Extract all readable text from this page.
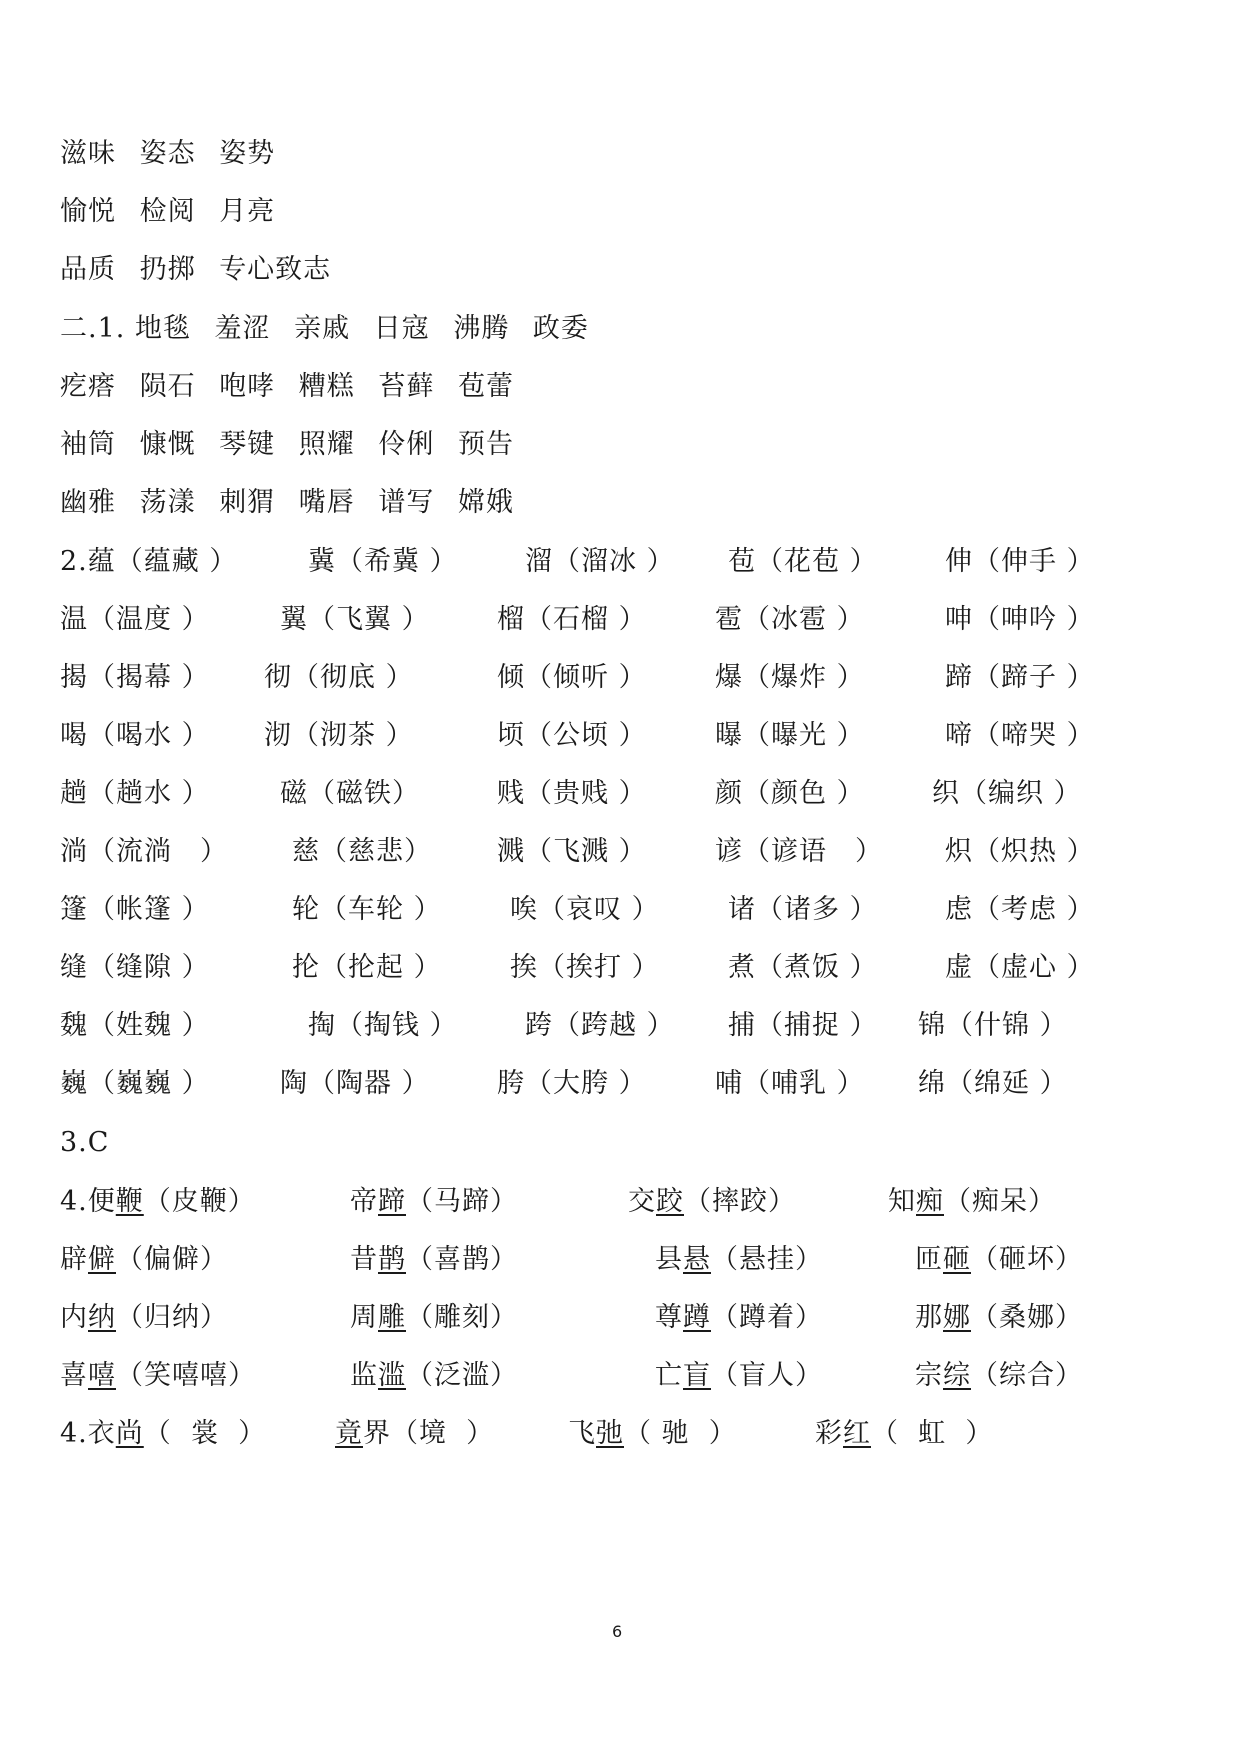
滋味 姿态 姿势
愉悦 检阅 月亮
品质 扔掷 专心致志
二.1. 地毯 羞涩 亲戚 日寇 沸腾 政委
疙瘩 陨石 咆哮 糟糕 苔藓 苞蕾
袖筒 慷慨 琴键 照耀 伶俐 预告
幽雅 荡漾 刺猬 嘴唇 谱写 嫦娥
2.蕴（蕴藏 ）	冀（希冀 ） 溜（溜冰 ） 苞（花苞 ） 伸（伸手 ）
温（温度 ）	翼（飞翼 ） 榴（石榴 ）	雹（冰雹 ）	呻（呻吟 ）
揭（揭幕 ） 彻（彻底 ）	倾（倾听 ）	爆（爆炸 ）	蹄（蹄子 ）
喝（喝水 ） 沏（沏茶 ）	顷（公顷 ）	曝（曝光 ）	啼（啼哭 ）
趟（趟水 ）	磁（磁铁）	贱（贵贱 ）	颜（颜色 ） 织（编织 ）
淌（流淌　） 慈（慈悲） 溅（飞溅 ）	谚（谚语　） 炽（炽热 ）
篷（帐篷 ）	轮（车轮 ）	唉（哀叹 ）	诸（诸多 ） 虑（考虑 ）
缝（缝隙 ）	抡（抡起 ）	挨（挨打 ）	煮（煮饭 ） 虚（虚心 ）
魏（姓魏 ）	掏（掏钱 ） 跨（跨越 ） 捕（捕捉 ） 锦（什锦 ）
巍（巍巍 ）	陶（陶器 ） 胯（大胯 ）	哺（哺乳 ） 绵（绵延 ）
3.C
4.便鞭（皮鞭）	帝蹄（马蹄）	交跤（摔跤）	知痴（痴呆）
辟僻（偏僻）	昔鹊（喜鹊）	县悬（悬挂）	匝砸（砸坏）
内纳（归纳）	周雕（雕刻）	尊蹲（蹲着）	那娜（桑娜）
喜嘻（笑嘻嘻）	监滥（泛滥）	亡盲（盲人）	宗综（综合）
4.衣尚（ 裳 ）	竟界（境 ）	飞弛（ 驰 ）	彩红（ 虹 ）
6
